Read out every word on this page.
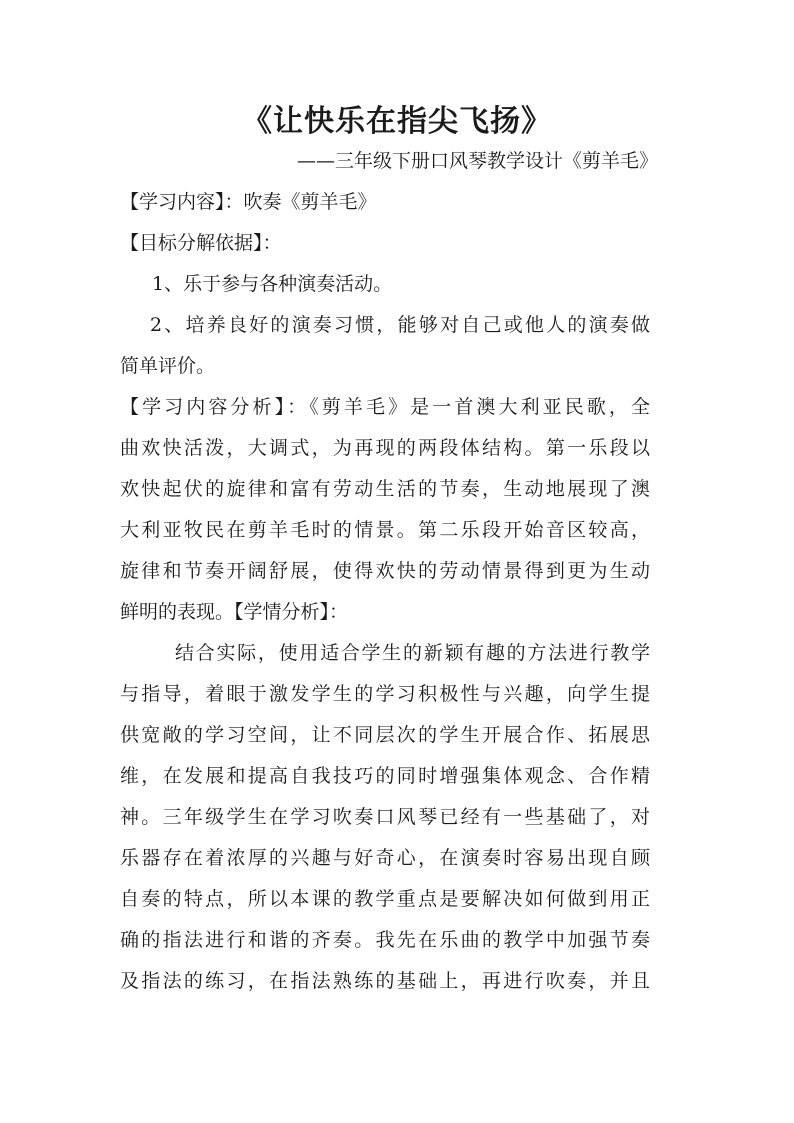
《让快乐在指尖飞扬》
——三年级下册口风琴教学设计《剪羊毛》
【学习内容】：吹奏《剪羊毛》
【目标分解依据】：
1、乐于参与各种演奏活动。
2、培养良好的演奏习惯，能够对自己或他人的演奏做
简单评价。
【学习内容分析】：《剪羊毛》是一首澳大利亚民歌，全
曲欢快活泼，大调式，为再现的两段体结构。第一乐段以
欢快起伏的旋律和富有劳动生活的节奏，生动地展现了澳
大利亚牧民在剪羊毛时的情景。第二乐段开始音区较高，
旋律和节奏开阔舒展，使得欢快的劳动情景得到更为生动
鲜明的表现。【学情分析】：
结合实际，使用适合学生的新颖有趣的方法进行教学
与指导，着眼于激发学生的学习积极性与兴趣，向学生提
供宽敞的学习空间，让不同层次的学生开展合作、拓展思
维，在发展和提高自我技巧的同时增强集体观念、合作精
神。三年级学生在学习吹奏口风琴已经有一些基础了，对
乐器存在着浓厚的兴趣与好奇心，在演奏时容易出现自顾
自奏的特点，所以本课的教学重点是要解决如何做到用正
确的指法进行和谐的齐奏。我先在乐曲的教学中加强节奏
及指法的练习，在指法熟练的基础上，再进行吹奏，并且
